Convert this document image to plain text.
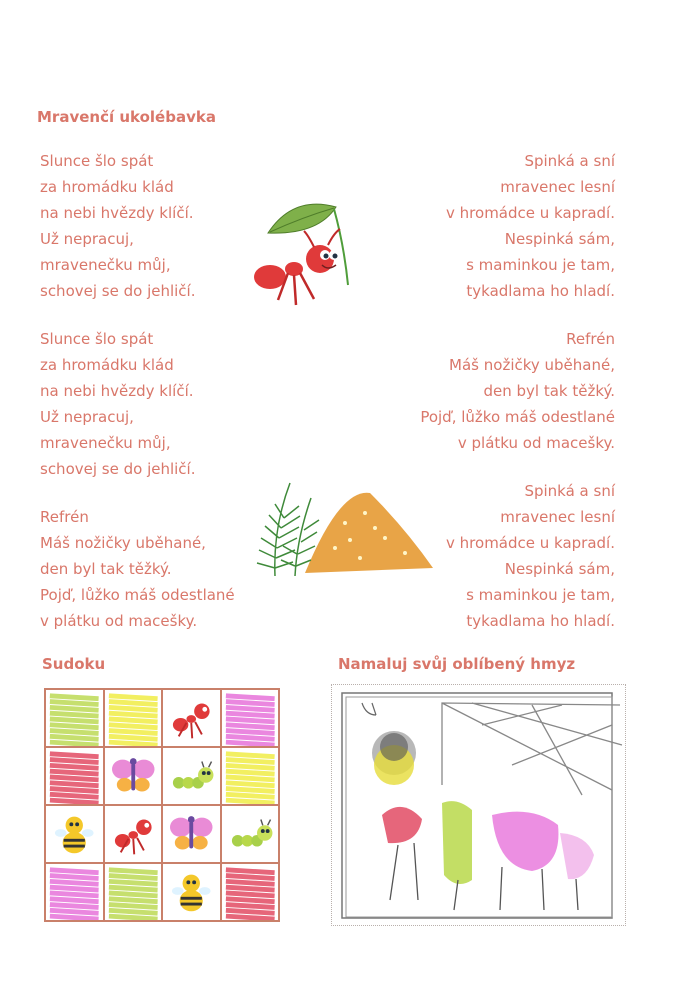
Mravenčí ukolébavka
Slunce šlo spát
za hromádku klád
na nebi hvězdy klíčí.
Už nepracuj,
mravenečku můj,
schovej se do jehličí.
Slunce šlo spát
za hromádku klád
na nebi hvězdy klíčí.
Už nepracuj,
mravenečku můj,
schovej se do jehličí.
Refrén
Máš nožičky uběhané,
den byl tak těžký.
Pojď, lůžko máš odestlané
v plátku od macešky.
Spinká a sní
mravenec lesní
v hromádce u kapradí.
Nespinká sám,
s maminkou je tam,
tykadlama ho hladí.
Refrén
Máš nožičky uběhané,
den byl tak těžký.
Pojď, lůžko máš odestlané
v plátku od macešky.
Spinká a sní
mravenec lesní
v hromádce u kapradí.
Nespinká sám,
s maminkou je tam,
tykadlama ho hladí.
Sudoku	Namaluj svůj oblíbený hmyz
